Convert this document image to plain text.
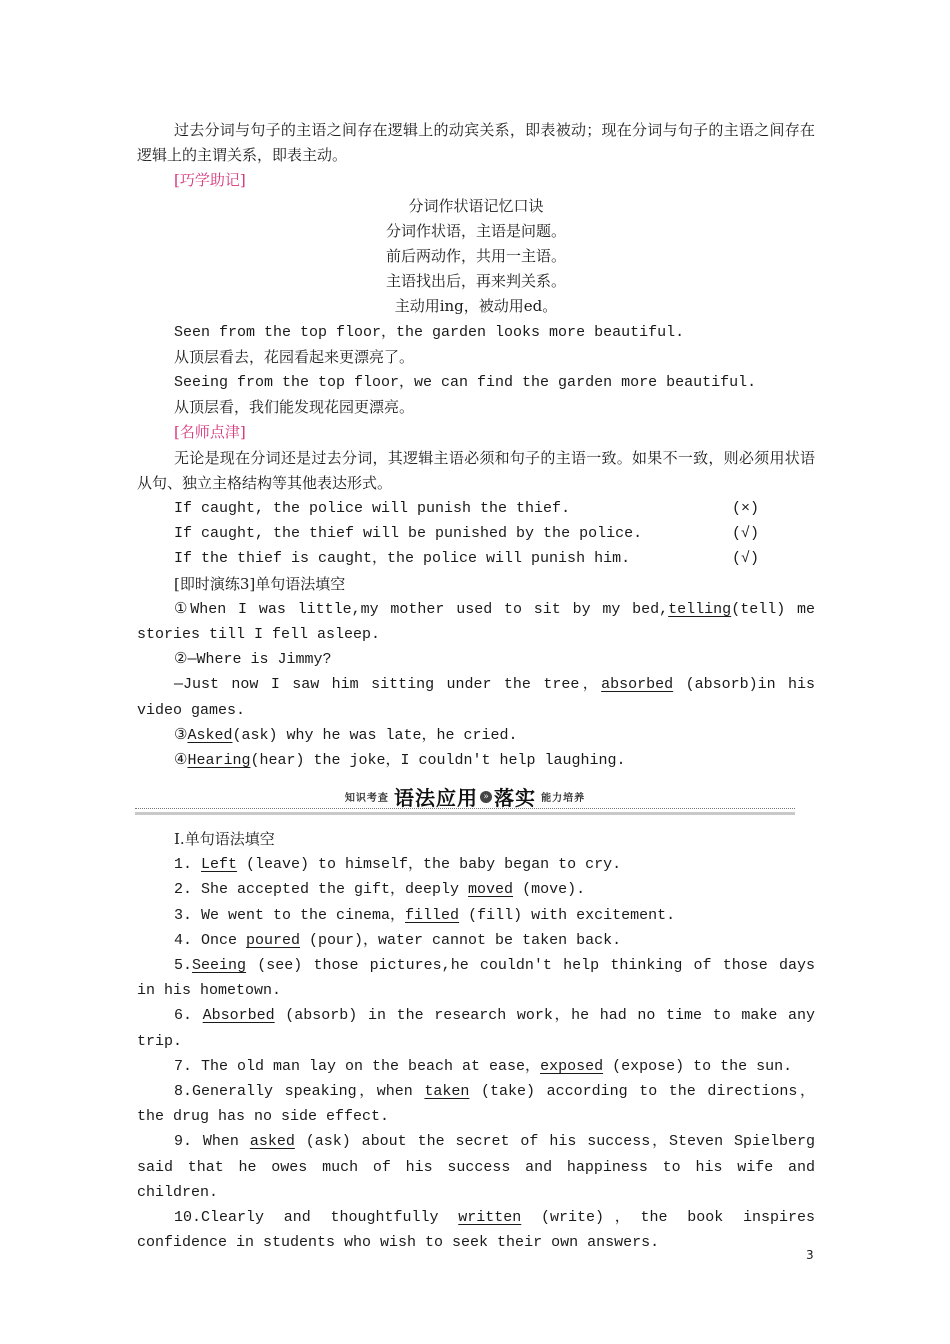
过去分词与句子的主语之间存在逻辑上的动宾关系，即表被动；现在分词与句子的主语之间存在逻辑上的主谓关系，即表主动。
[巧学助记]
分词作状语记忆口诀
分词作状语，主语是问题。
前后两动作，共用一主语。
主语找出后，再来判关系。
主动用ing，被动用ed。
Seen from the top floor，the garden looks more beautiful.
从顶层看去，花园看起来更漂亮了。
Seeing from the top floor，we can find the garden more beautiful.
从顶层看，我们能发现花园更漂亮。
[名师点津]
无论是现在分词还是过去分词，其逻辑主语必须和句子的主语一致。如果不一致，则必须用状语从句、独立主格结构等其他表达形式。
If caught, the police will punish the thief.	(×)
If caught, the thief will be punished by the police.	(√)
If the thief is caught，the police will punish him.	(√)
[即时演练3]单句语法填空
①When I was little,my mother used to sit by my bed,telling(tell) me stories till I fell asleep.
②—Where is Jimmy?
—Just now I saw him sitting under the tree，absorbed (absorb)in his video games.
③Asked(ask) why he was late，he cried.
④Hearing(hear) the joke，I couldn't help laughing.
知识考查 语法应用 » 落实 能力培养
Ⅰ.单句语法填空
1. Left (leave) to himself，the baby began to cry.
2. She accepted the gift，deeply moved (move).
3. We went to the cinema，filled (fill) with excitement.
4. Once poured (pour)，water cannot be taken back.
5.Seeing (see) those pictures,he couldn't help thinking of those days in his hometown.
6. Absorbed (absorb) in the research work，he had no time to make any trip.
7. The old man lay on the beach at ease，exposed (expose) to the sun.
8.Generally speaking，when taken (take) according to the directions，the drug has no side effect.
9. When asked (ask) about the secret of his success，Steven Spielberg said that he owes much of his success and happiness to his wife and children.
10.Clearly and thoughtfully written (write)，the book inspires confidence in students who wish to seek their own answers.
3
